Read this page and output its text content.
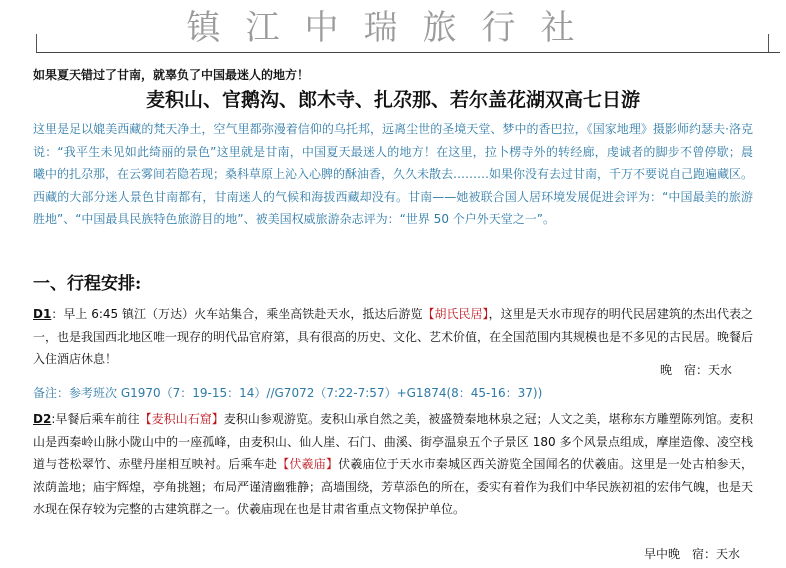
镇江中瑞旅行社
如果夏天错过了甘南，就辜负了中国最迷人的地方！
麦积山、官鹅沟、郎木寺、扎尕那、若尔盖花湖双高七日游
这里是足以媲美西藏的梵天净土，空气里都弥漫着信仰的乌托邦，远离尘世的圣境天堂、梦中的香巴拉，《国家地理》摄影师约瑟夫·洛克说：“我平生未见如此绮丽的景色”这里就是甘南，中国夏天最迷人的地方！在这里，拉卜楞寺外的转经廊，虔诚者的脚步不曾停歇；晨曦中的扎尕那，在云雾间若隐若现；桑科草原上沁入心脾的酥油香，久久未散去………如果你没有去过甘南，千万不要说自己跑遍藏区。西藏的大部分迷人景色甘南都有，甘南迷人的气候和海拔西藏却没有。甘南——她被联合国人居环境发展促进会评为：“中国最美的旅游胜地”、“中国最具民族特色旅游目的地”、被美国权威旅游杂志评为：“世界 50 个户外天堂之一”。
一、行程安排:
D1：早上 6:45 镇江（万达）火车站集合，乘坐高铁赴天水，抵达后游览【胡氏民居】，这里是天水市现存的明代民居建筑的杰出代表之一，也是我国西北地区唯一现存的明代品官府第，具有很高的历史、文化、艺术价值，在全国范围内其规模也是不多见的古民居。晚餐后入住酒店休息！
晚　宿：天水
备注：参考班次 G1970（7：19-15：14）//G7072（7:22-7:57）+G1874(8：45-16：37))
D2:早餐后乘车前往【麦积山石窟】麦积山参观游览。麦积山承自然之美，被盛赞秦地林泉之冠；人文之美，堪称东方雕塑陈列馆。麦积山是西秦岭山脉小陇山中的一座孤峰，由麦积山、仙人崖、石门、曲溪、街亭温泉五个子景区 180 多个风景点组成，摩崖造像、凌空栈道与苍松翠竹、赤壁丹崖相互映衬。后乘车赴【伏羲庙】伏羲庙位于天水市秦城区西关游览全国闻名的伏羲庙。这里是一处古柏参天，浓荫盖地；庙宇辉煌，亭角挑翘；布局严谨清幽雅静；高墙围绕，芳草添色的所在，委实有着作为我们中华民族初祖的宏伟气魄，也是天水现在保存较为完整的古建筑群之一。伏羲庙现在也是甘肃省重点文物保护单位。
早中晚　宿：天水
